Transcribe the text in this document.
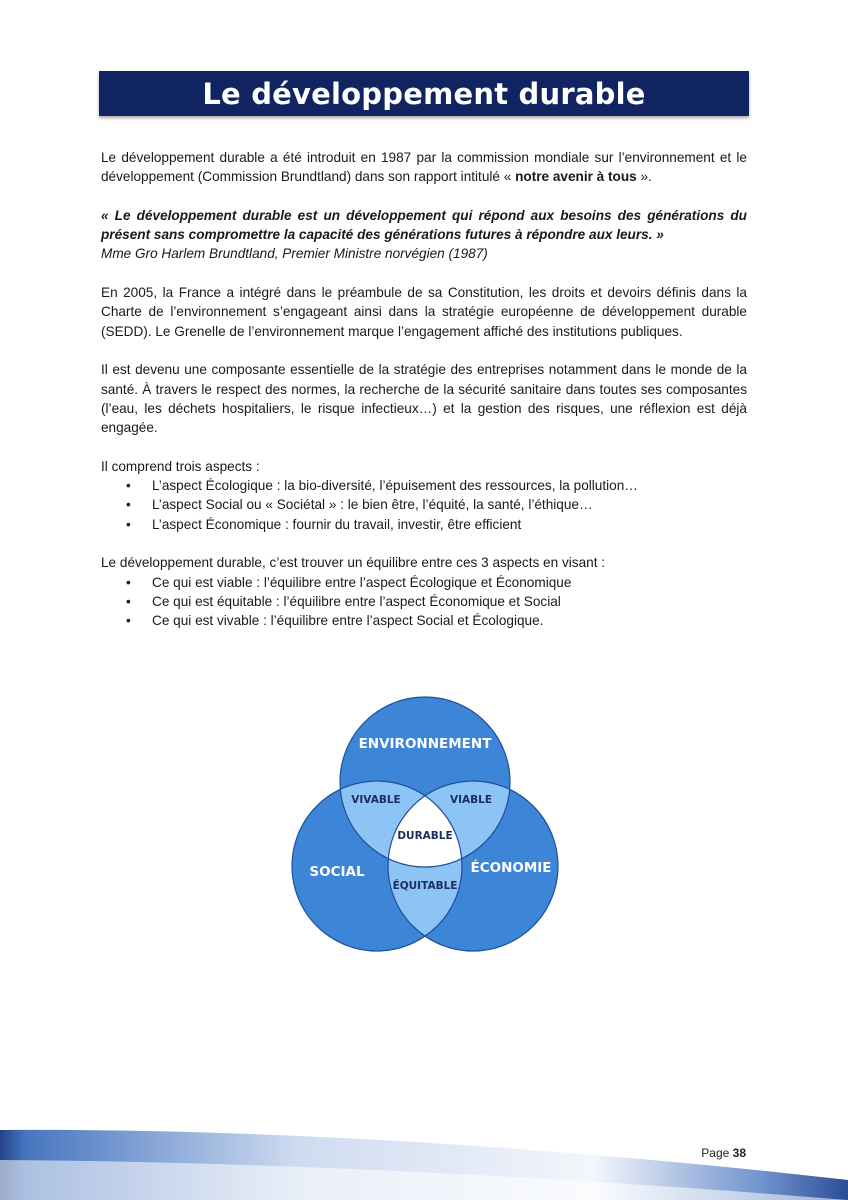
Le développement durable

Le développement durable a été introduit en 1987 par la commission mondiale sur l’environnement et le développement (Commission Brundtland) dans son rapport intitulé « notre avenir à tous ».

« Le développement durable est un développement qui répond aux besoins des générations du présent sans compromettre la capacité des générations futures à répondre aux leurs. »

Mme Gro Harlem Brundtland, Premier Ministre norvégien (1987)

En 2005, la France a intégré dans le préambule de sa Constitution, les droits et devoirs définis dans la Charte de l’environnement s’engageant ainsi dans la stratégie européenne de développement durable (SEDD). Le Grenelle de l’environnement marque l’engagement affiché des institutions publiques.

Il est devenu une composante essentielle de la stratégie des entreprises notamment dans le monde de la santé. À travers le respect des normes, la recherche de la sécurité sanitaire dans toutes ses composantes (l’eau, les déchets hospitaliers, le risque infectieux…) et la gestion des risques, une réflexion est déjà engagée.

Il comprend trois aspects :

• L’aspect Écologique : la bio-diversité, l’épuisement des ressources, la pollution…
• L’aspect Social ou « Sociétal » : le bien être, l’équité, la santé, l’éthique…
• L’aspect Économique : fournir du travail, investir, être efficient

Le développement durable, c’est trouver un équilibre entre ces 3 aspects en visant :

• Ce qui est viable : l’équilibre entre l’aspect Écologique et Économique
• Ce qui est équitable : l’équilibre entre l’aspect Économique et Social
• Ce qui est vivable : l’équilibre entre l’aspect Social et Écologique.
ENVIRONNEMENT
SOCIAL	ÉCONOMIE
VIVABLE	VIABLE
DURABLE
ÉQUITABLE
Page 38
